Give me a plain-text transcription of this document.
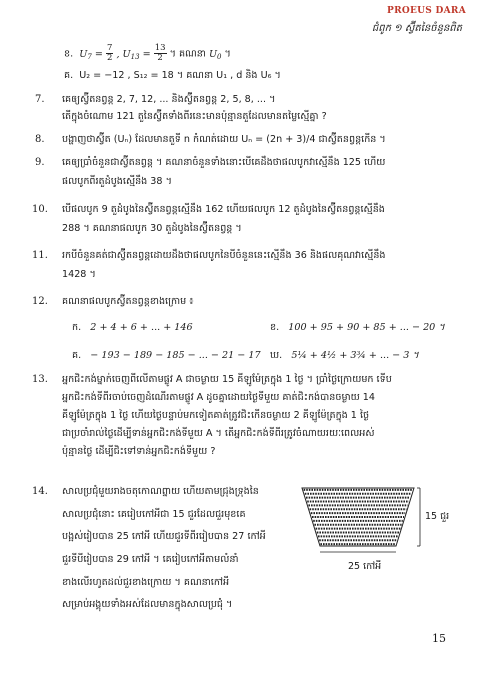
PROEUS DARA
ជំពូក ១ ស្វ៊ីតនៃចំនួនពិត
ខ. $U_7 = \frac{7}{2}$ , $U_{13} = \frac{13}{2}$ ។ គណនា $U_0$ ។
គ. U₂ = −12 , S₁₂ = 18 ។ គណនា U₁ , d និង U₆ ។
7. គេឲ្យស្វ៊ីតនព្វន្ត 2, 7, 12, ... និងស្វ៊ីតនព្វន្ត 2, 5, 8, ... ។
តើក្នុងចំណោម 121 តួនៃស្វ៊ីតទាំងពីរនេះមានប៉ុន្មានតួដែលមានតម្លៃស្មើគ្នា ?
8. បង្ហាញថាស្វ៊ីត (Uₙ) ដែលមានតួទី n កំណត់ដោយ Uₙ = (2n + 3)/4 ជាស្វ៊ីតនព្វន្តកើន ។
9. គេឲ្យប្រាំចំនួនជាស្វ៊ីតនព្វន្ត ។ គណនាចំនួនទាំងនោះបើគេដឹងថាផលបូកវាស្មើនឹង 125 ហើយ
ផលបូកពីរតួដំបូងស្មើនឹង 38 ។
10. បើផលបូក 9 តួដំបូងនៃស្វ៊ីតនព្វន្តស្មើនឹង 162 ហើយផលបូក 12 តួដំបូងនៃស្វ៊ីតនព្វន្តស្មើនឹង
288 ។ គណនាផលបូក 30 តួដំបូងនៃស្វ៊ីតនព្វន្ត ។
11. រកបីចំនួនគត់ជាស្វ៊ីតនព្វន្តដោយដឹងថាផលបូកនៃបីចំនួននេះស្មើនឹង 36 និងផលគុណវាស្មើនឹង
1428 ។
12. គណនាផលបូកស្វ៊ីតនព្វន្តខាងក្រោម ៖
ក. 2 + 4 + 6 + ... + 146	ខ. 100 + 95 + 90 + 85 + ... − 20 ។
គ. − 193 − 189 − 185 − ... − 21 − 17 ឃ. 5¼ + 4½ + 3¾ + ... − 3 ។
13. អ្នកជិះកង់ម្នាក់ចេញពីលើតាមផ្លូវ A ជាចម្ងាយ 15 គីឡូម៉ែត្រក្នុង 1 ថ្ងៃ ។ ប្រាំថ្ងៃក្រោយមក ទើប
អ្នកជិះកង់ទីពីរចាប់ចេញដំណើរតាមផ្លូវ A ដូចគ្នាដោយថ្ងៃទីមួយ គាត់ជិះកង់បានចម្ងាយ 14
គីឡូម៉ែត្រក្នុង 1 ថ្ងៃ ហើយថ្ងៃបន្ទាប់មកទៀតគាត់ត្រូវជិះកើនចម្ងាយ 2 គីឡូម៉ែត្រក្នុង 1 ថ្ងៃ
ជាប្រចាំរាល់ថ្ងៃដើម្បីទាន់អ្នកជិះកង់ទីមួយ A ។ តើអ្នកជិះកង់ទីពីរត្រូវចំណាយរយៈពេលអស់
ប៉ុន្មានថ្ងៃ ដើម្បីជិះទៅទាន់អ្នកជិះកង់ទីមួយ ?
14. សាលប្រជុំមួយរាងចតុកោណព្នាយ ហើយតាមជ្រុងទ្រុងនៃ
សាលប្រជុំនោះ គេរៀបកៅអីជា 15 ជួរដែលជួរមុខគេ
បង្អស់រៀបបាន 25 កៅអី ហើយជួរទីពីររៀបបាន 27 កៅអី
ជួរទីបីរៀបបាន 29 កៅអី ។ គេរៀបកៅអីតាមលំនាំ
ខាងលើរហូតដល់ជួរខាងក្រោយ ។ គណនាកៅអី
សម្រាប់អង្គុយទាំងអស់ដែលមានក្នុងសាលប្រជុំ ។
15 ជួរ
25 កៅអី
15
